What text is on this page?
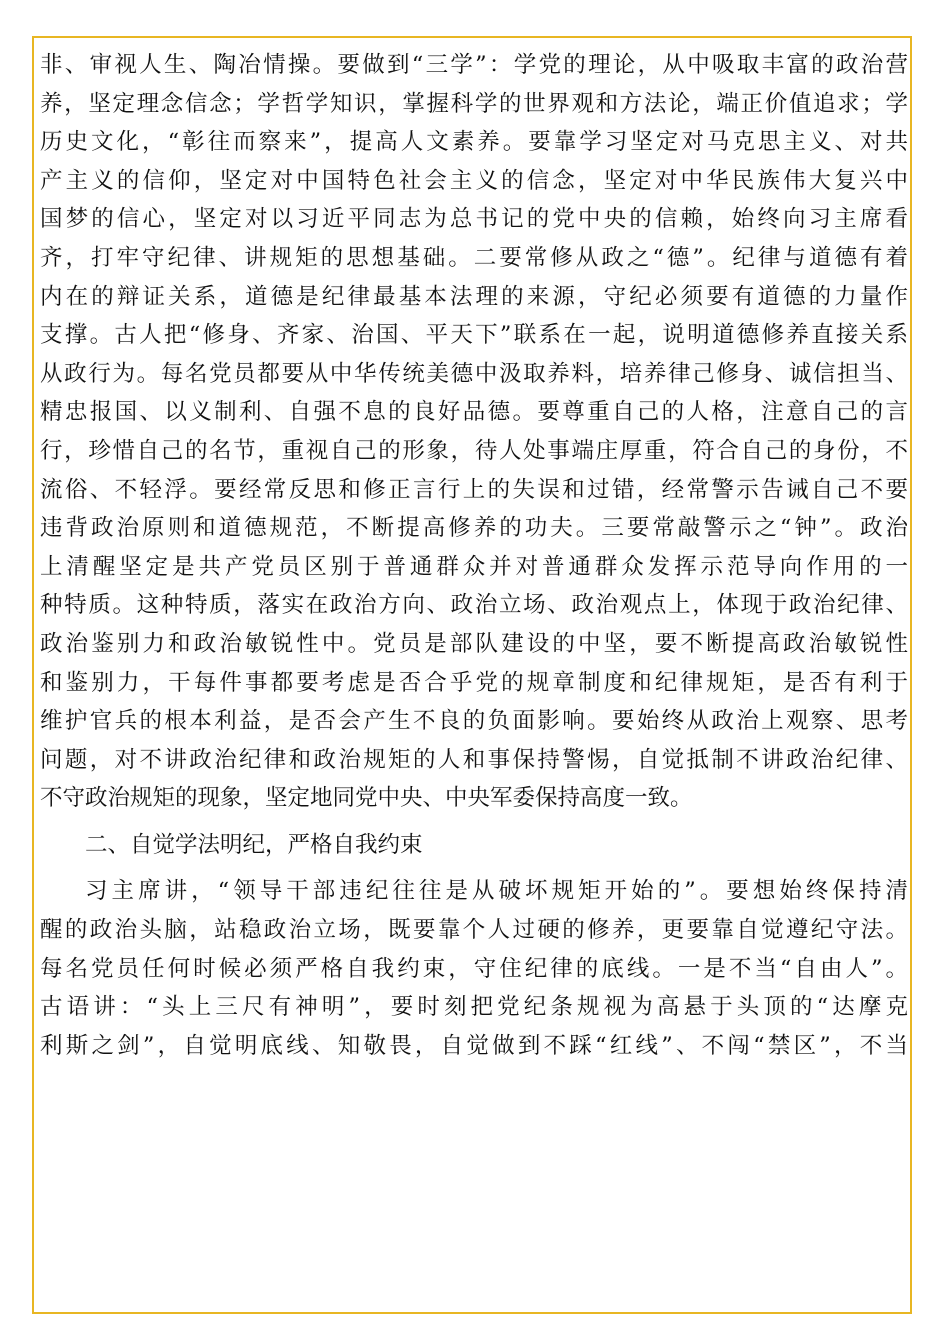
非、审视人生、陶冶情操。要做到“三学”：学党的理论，从中吸取丰富的政治营
养，坚定理念信念；学哲学知识，掌握科学的世界观和方法论，端正价值追求；学
历史文化，“彰往而察来”，提高人文素养。要靠学习坚定对马克思主义、对共
产主义的信仰，坚定对中国特色社会主义的信念，坚定对中华民族伟大复兴中
国梦的信心，坚定对以习近平同志为总书记的党中央的信赖，始终向习主席看
齐，打牢守纪律、讲规矩的思想基础。二要常修从政之“德”。纪律与道德有着
内在的辩证关系，道德是纪律最基本法理的来源，守纪必须要有道德的力量作
支撑。古人把“修身、齐家、治国、平天下”联系在一起，说明道德修养直接关系
从政行为。每名党员都要从中华传统美德中汲取养料，培养律己修身、诚信担当、
精忠报国、以义制利、自强不息的良好品德。要尊重自己的人格，注意自己的言
行，珍惜自己的名节，重视自己的形象，待人处事端庄厚重，符合自己的身份，不
流俗、不轻浮。要经常反思和修正言行上的失误和过错，经常警示告诫自己不要
违背政治原则和道德规范，不断提高修养的功夫。三要常敲警示之“钟”。政治
上清醒坚定是共产党员区别于普通群众并对普通群众发挥示范导向作用的一
种特质。这种特质，落实在政治方向、政治立场、政治观点上，体现于政治纪律、
政治鉴别力和政治敏锐性中。党员是部队建设的中坚，要不断提高政治敏锐性
和鉴别力，干每件事都要考虑是否合乎党的规章制度和纪律规矩，是否有利于
维护官兵的根本利益，是否会产生不良的负面影响。要始终从政治上观察、思考
问题，对不讲政治纪律和政治规矩的人和事保持警惕，自觉抵制不讲政治纪律、
不守政治规矩的现象，坚定地同党中央、中央军委保持高度一致。
二、自觉学法明纪，严格自我约束
习主席讲，“领导干部违纪往往是从破坏规矩开始的”。要想始终保持清
醒的政治头脑，站稳政治立场，既要靠个人过硬的修养，更要靠自觉遵纪守法。
每名党员任何时候必须严格自我约束，守住纪律的底线。一是不当“自由人”。
古语讲：“头上三尺有神明”，要时刻把党纪条规视为高悬于头顶的“达摩克
利斯之剑”，自觉明底线、知敬畏，自觉做到不踩“红线”、不闯“禁区”，不当
